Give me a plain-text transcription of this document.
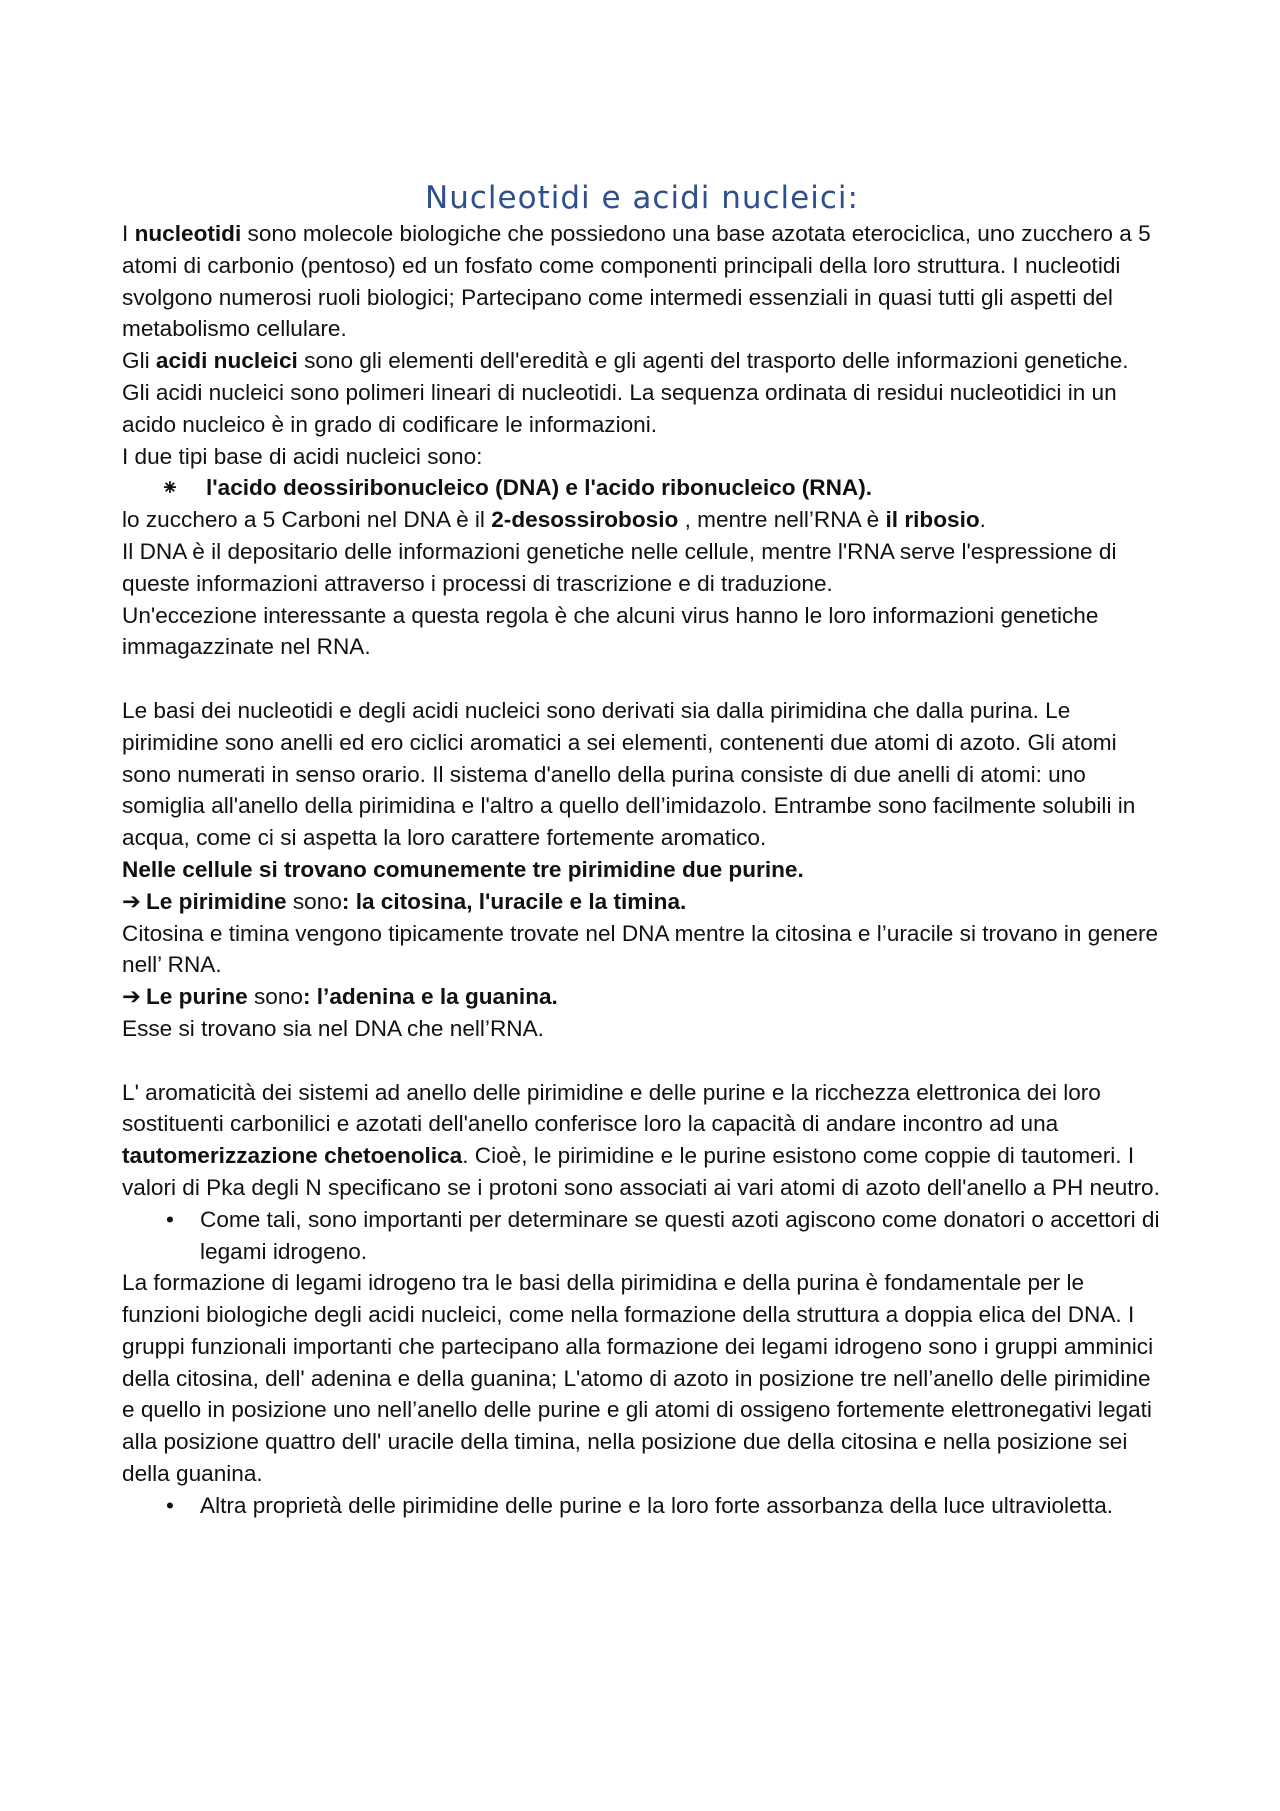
Nucleotidi e acidi nucleici:

I nucleotidi sono molecole biologiche che possiedono una base azotata eterociclica, uno zucchero a 5 atomi di carbonio (pentoso) ed un fosfato come componenti principali della loro struttura. I nucleotidi svolgono numerosi ruoli biologici; Partecipano come intermedi essenziali in quasi tutti gli aspetti del metabolismo cellulare.

Gli acidi nucleici sono gli elementi dell'eredità e gli agenti del trasporto delle informazioni genetiche. Gli acidi nucleici sono polimeri lineari di nucleotidi. La sequenza ordinata di residui nucleotidici in un acido nucleico è in grado di codificare le informazioni.

I due tipi base di acidi nucleici sono:

⁕ l'acido deossiribonucleico (DNA) e l'acido ribonucleico (RNA).

lo zucchero a 5 Carboni nel DNA è il 2-desossirobosio , mentre nell’RNA è il ribosio.

Il DNA è il depositario delle informazioni genetiche nelle cellule, mentre l'RNA serve l'espressione di queste informazioni attraverso i processi di trascrizione e di traduzione.

Un'eccezione interessante a questa regola è che alcuni virus hanno le loro informazioni genetiche immagazzinate nel RNA.

Le basi dei nucleotidi e degli acidi nucleici sono derivati sia dalla pirimidina che dalla purina. Le pirimidine sono anelli ed ero ciclici aromatici a sei elementi, contenenti due atomi di azoto. Gli atomi sono numerati in senso orario. Il sistema d'anello della purina consiste di due anelli di atomi: uno somiglia all'anello della pirimidina e l'altro a quello dell’imidazolo. Entrambe sono facilmente solubili in acqua, come ci si aspetta la loro carattere fortemente aromatico.

Nelle cellule si trovano comunemente tre pirimidine due purine.

➔ Le pirimidine sono: la citosina, l'uracile e la timina.

Citosina e timina vengono tipicamente trovate nel DNA mentre la citosina e l’uracile si trovano in genere nell’ RNA.

➔ Le purine sono: l’adenina e la guanina.

Esse si trovano sia nel DNA che nell’RNA.

L' aromaticità dei sistemi ad anello delle pirimidine e delle purine e la ricchezza elettronica dei loro sostituenti carbonilici e azotati dell'anello conferisce loro la capacità di andare incontro ad una tautomerizzazione chetoenolica. Cioè, le pirimidine e le purine esistono come coppie di tautomeri. I valori di Pka degli N specificano se i protoni sono associati ai vari atomi di azoto dell'anello a PH neutro.

• Come tali, sono importanti per determinare se questi azoti agiscono come donatori o accettori di legami idrogeno.

La formazione di legami idrogeno tra le basi della pirimidina e della purina è fondamentale per le funzioni biologiche degli acidi nucleici, come nella formazione della struttura a doppia elica del DNA. I gruppi funzionali importanti che partecipano alla formazione dei legami idrogeno sono i gruppi amminici della citosina, dell' adenina e della guanina; L'atomo di azoto in posizione tre nell’anello delle pirimidine e quello in posizione uno nell’anello delle purine e gli atomi di ossigeno fortemente elettronegativi legati alla posizione quattro dell' uracile della timina, nella posizione due della citosina e nella posizione sei della guanina.

• Altra proprietà delle pirimidine delle purine e la loro forte assorbanza della luce ultravioletta.
